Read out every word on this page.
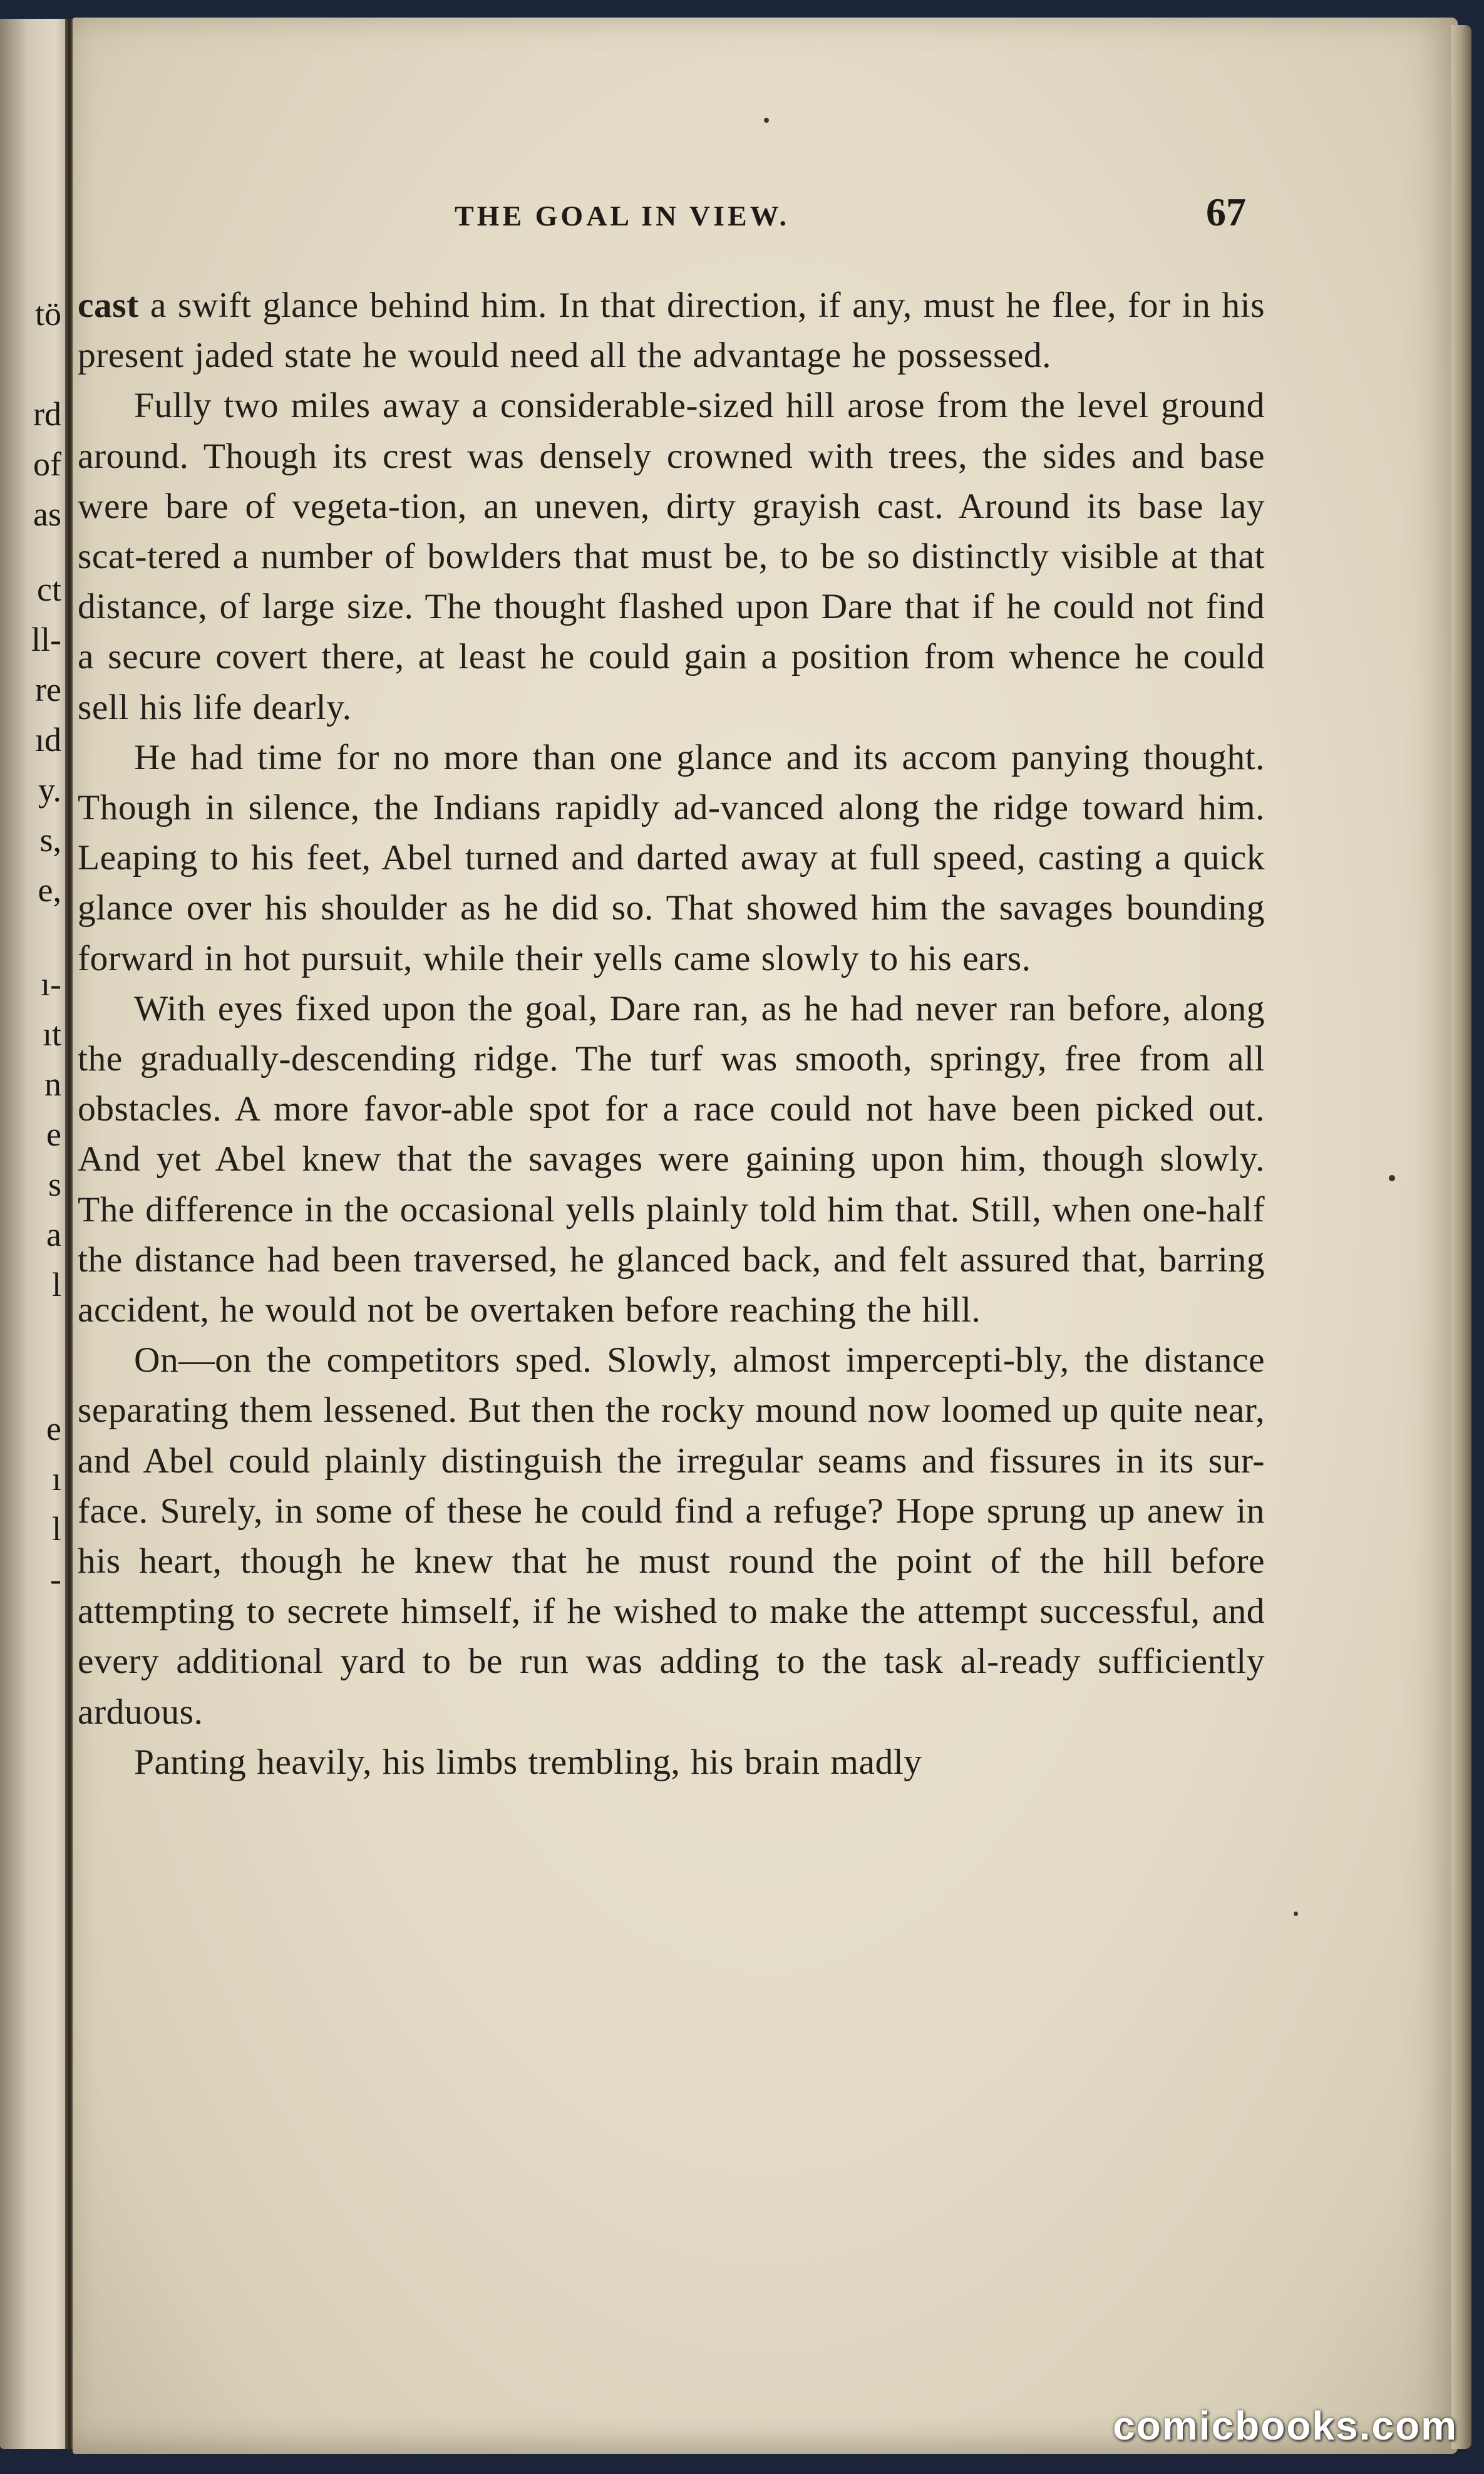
tö
rd
of
as
ct
ll-
re
ıd
y.
s,
e,
ı-
ıt
n
e
s
a
l
e
ı
l
-
THE GOAL IN VIEW.	67

cast a swift glance behind him. In that direction, if any, must he flee, for in his present jaded state he would need all the advantage he possessed.

Fully two miles away a considerable-sized hill arose from the level ground around. Though its crest was densely crowned with trees, the sides and base were bare of vegeta-tion, an uneven, dirty grayish cast. Around its base lay scat-tered a number of bowlders that must be, to be so distinctly visible at that distance, of large size. The thought flashed upon Dare that if he could not find a secure covert there, at least he could gain a position from whence he could sell his life dearly.

He had time for no more than one glance and its accom panying thought. Though in silence, the Indians rapidly ad-vanced along the ridge toward him. Leaping to his feet, Abel turned and darted away at full speed, casting a quick glance over his shoulder as he did so. That showed him the savages bounding forward in hot pursuit, while their yells came slowly to his ears.

With eyes fixed upon the goal, Dare ran, as he had never ran before, along the gradually-descending ridge. The turf was smooth, springy, free from all obstacles. A more favor-able spot for a race could not have been picked out. And yet Abel knew that the savages were gaining upon him, though slowly. The difference in the occasional yells plainly told him that. Still, when one-half the distance had been traversed, he glanced back, and felt assured that, barring accident, he would not be overtaken before reaching the hill.

On—on the competitors sped. Slowly, almost impercepti-bly, the distance separating them lessened. But then the rocky mound now loomed up quite near, and Abel could plainly distinguish the irregular seams and fissures in its sur-face. Surely, in some of these he could find a refuge? Hope sprung up anew in his heart, though he knew that he must round the point of the hill before attempting to secrete himself, if he wished to make the attempt successful, and every additional yard to be run was adding to the task al-ready sufficiently arduous.

Panting heavily, his limbs trembling, his brain madly

comicbooks.com
